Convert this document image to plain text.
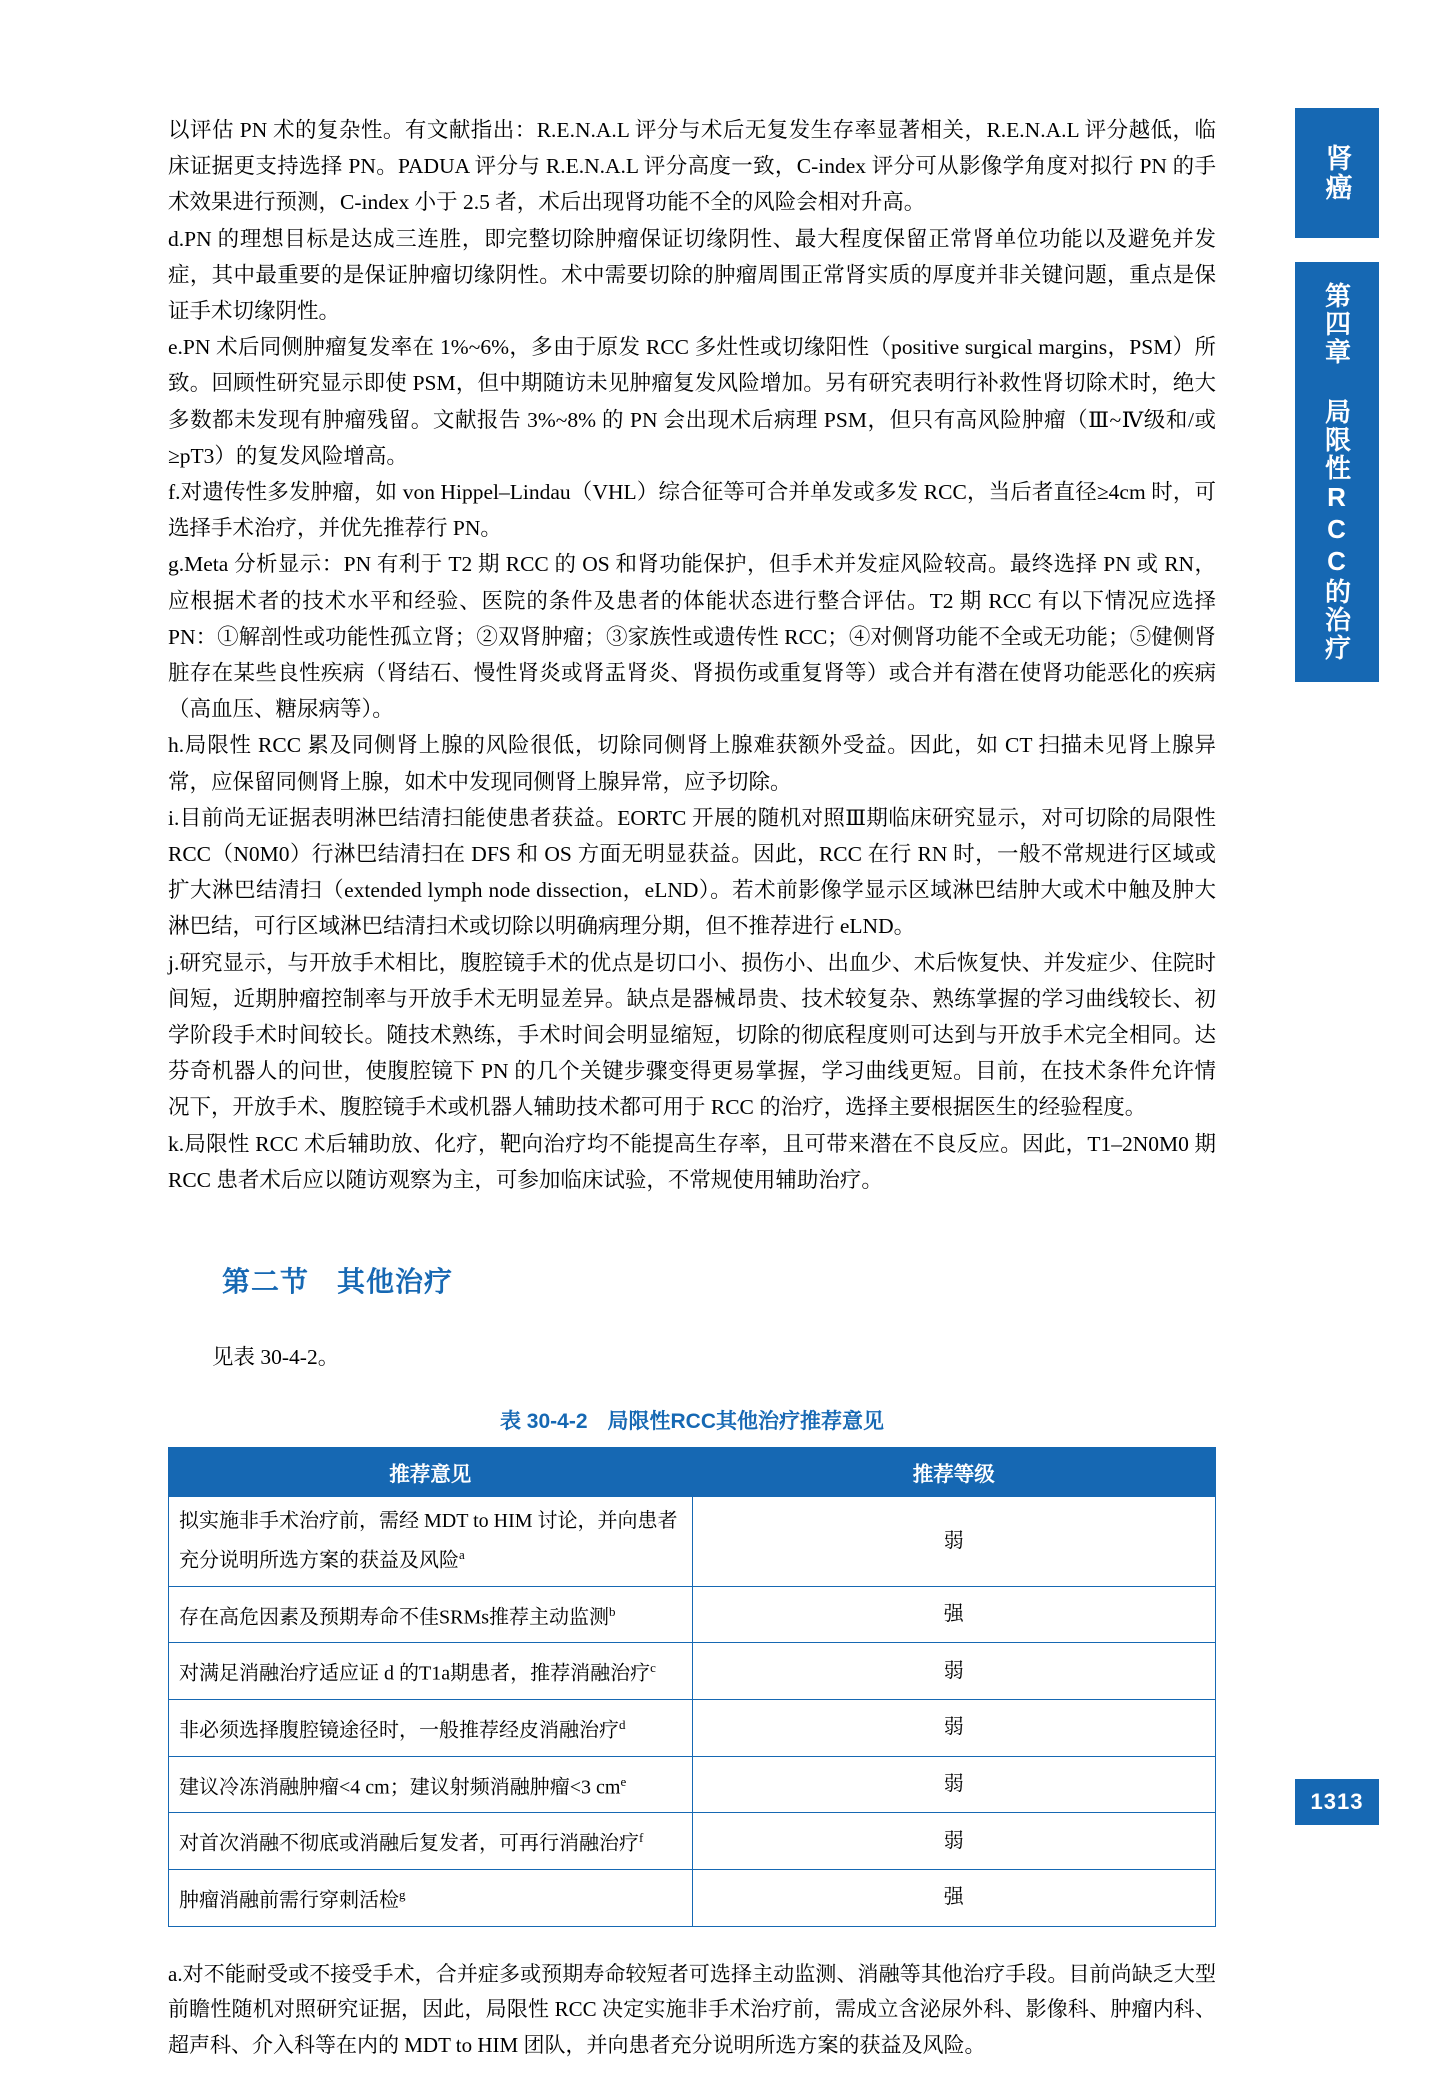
肾癌
第四章 局限性RCC的治疗
1313

以评估 PN 术的复杂性。有文献指出：R.E.N.A.L 评分与术后无复发生存率显著相关，R.E.N.A.L 评分越低，临床证据更支持选择 PN。PADUA 评分与 R.E.N.A.L 评分高度一致，C-index 评分可从影像学角度对拟行 PN 的手术效果进行预测，C-index 小于 2.5 者，术后出现肾功能不全的风险会相对升高。

d.PN 的理想目标是达成三连胜，即完整切除肿瘤保证切缘阴性、最大程度保留正常肾单位功能以及避免并发症，其中最重要的是保证肿瘤切缘阴性。术中需要切除的肿瘤周围正常肾实质的厚度并非关键问题，重点是保证手术切缘阴性。

e.PN 术后同侧肿瘤复发率在 1%~6%，多由于原发 RCC 多灶性或切缘阳性（positive surgical margins，PSM）所致。回顾性研究显示即使 PSM，但中期随访未见肿瘤复发风险增加。另有研究表明行补救性肾切除术时，绝大多数都未发现有肿瘤残留。文献报告 3%~8% 的 PN 会出现术后病理 PSM，但只有高风险肿瘤（Ⅲ~Ⅳ级和/或≥pT3）的复发风险增高。

f.对遗传性多发肿瘤，如 von Hippel–Lindau（VHL）综合征等可合并单发或多发 RCC，当后者直径≥4cm 时，可选择手术治疗，并优先推荐行 PN。

g.Meta 分析显示：PN 有利于 T2 期 RCC 的 OS 和肾功能保护，但手术并发症风险较高。最终选择 PN 或 RN，应根据术者的技术水平和经验、医院的条件及患者的体能状态进行整合评估。T2 期 RCC 有以下情况应选择 PN：①解剖性或功能性孤立肾；②双肾肿瘤；③家族性或遗传性 RCC；④对侧肾功能不全或无功能；⑤健侧肾脏存在某些良性疾病（肾结石、慢性肾炎或肾盂肾炎、肾损伤或重复肾等）或合并有潜在使肾功能恶化的疾病（高血压、糖尿病等）。

h.局限性 RCC 累及同侧肾上腺的风险很低，切除同侧肾上腺难获额外受益。因此，如 CT 扫描未见肾上腺异常，应保留同侧肾上腺，如术中发现同侧肾上腺异常，应予切除。

i.目前尚无证据表明淋巴结清扫能使患者获益。EORTC 开展的随机对照Ⅲ期临床研究显示，对可切除的局限性 RCC（N0M0）行淋巴结清扫在 DFS 和 OS 方面无明显获益。因此，RCC 在行 RN 时，一般不常规进行区域或扩大淋巴结清扫（extended lymph node dissection，eLND）。若术前影像学显示区域淋巴结肿大或术中触及肿大淋巴结，可行区域淋巴结清扫术或切除以明确病理分期，但不推荐进行 eLND。

j.研究显示，与开放手术相比，腹腔镜手术的优点是切口小、损伤小、出血少、术后恢复快、并发症少、住院时间短，近期肿瘤控制率与开放手术无明显差异。缺点是器械昂贵、技术较复杂、熟练掌握的学习曲线较长、初学阶段手术时间较长。随技术熟练，手术时间会明显缩短，切除的彻底程度则可达到与开放手术完全相同。达芬奇机器人的问世，使腹腔镜下 PN 的几个关键步骤变得更易掌握，学习曲线更短。目前，在技术条件允许情况下，开放手术、腹腔镜手术或机器人辅助技术都可用于 RCC 的治疗，选择主要根据医生的经验程度。

k.局限性 RCC 术后辅助放、化疗，靶向治疗均不能提高生存率，且可带来潜在不良反应。因此，T1–2N0M0 期 RCC 患者术后应以随访观察为主，可参加临床试验，不常规使用辅助治疗。

第二节 其他治疗
见表 30-4-2。
表 30-4-2 局限性RCC其他治疗推荐意见
推荐意见	推荐等级
拟实施非手术治疗前，需经 MDT to HIM 讨论，并向患者充分说明所选方案的获益及风险$^a$	弱
存在高危因素及预期寿命不佳SRMs推荐主动监测$^b$	强
对满足消融治疗适应证 d 的T1a期患者，推荐消融治疗$^c$	弱
非必须选择腹腔镜途径时，一般推荐经皮消融治疗$^d$	弱
建议冷冻消融肿瘤<4 cm；建议射频消融肿瘤<3 $cm^e$	弱
对首次消融不彻底或消融后复发者，可再行消融治疗$^f$	弱
肿瘤消融前需行穿刺活检$^g$	强

a.对不能耐受或不接受手术，合并症多或预期寿命较短者可选择主动监测、消融等其他治疗手段。目前尚缺乏大型前瞻性随机对照研究证据，因此，局限性 RCC 决定实施非手术治疗前，需成立含泌尿外科、影像科、肿瘤内科、超声科、介入科等在内的 MDT to HIM 团队，并向患者充分说明所选方案的获益及风险。
